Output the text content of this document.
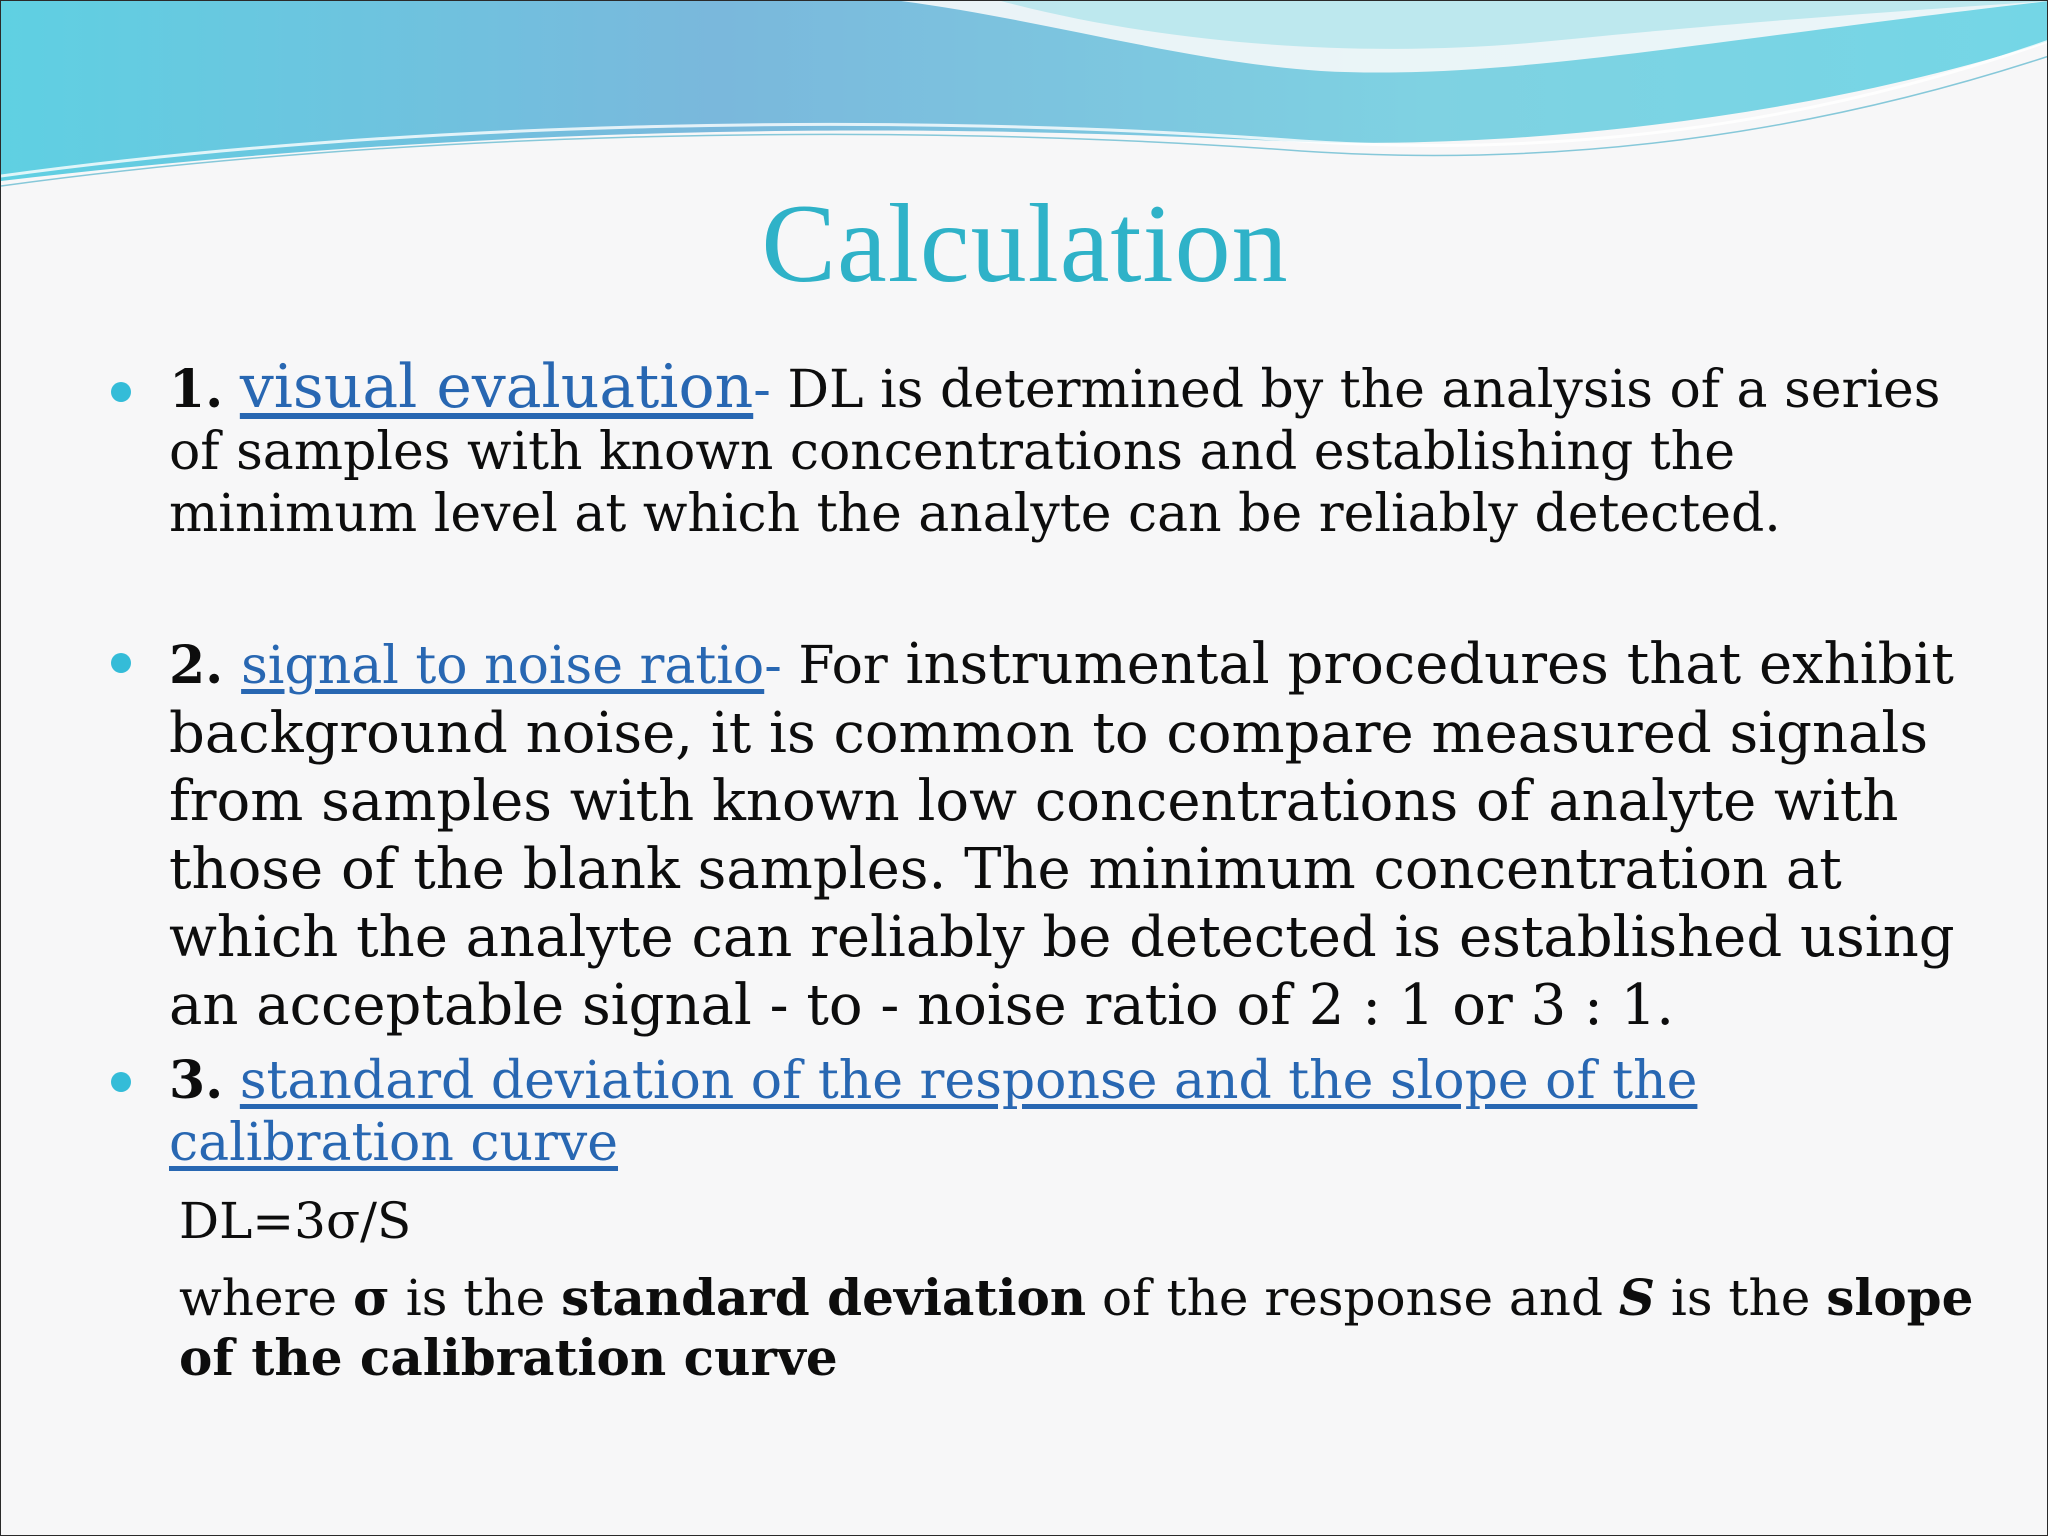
Calculation
1. visual evaluation- DL is determined by the analysis of a series of samples with known concentrations and establishing the minimum level at which the analyte can be reliably detected.
2. signal to noise ratio- For instrumental procedures that exhibit background noise, it is common to compare measured signals from samples with known low concentrations of analyte with those of the blank samples. The minimum concentration at which the analyte can reliably be detected is established using an acceptable signal - to - noise ratio of 2 : 1 or 3 : 1.
3. standard deviation of the response and the slope of the calibration curve
DL=3σ/S
where σ is the standard deviation of the response and S is the slope of the calibration curve
